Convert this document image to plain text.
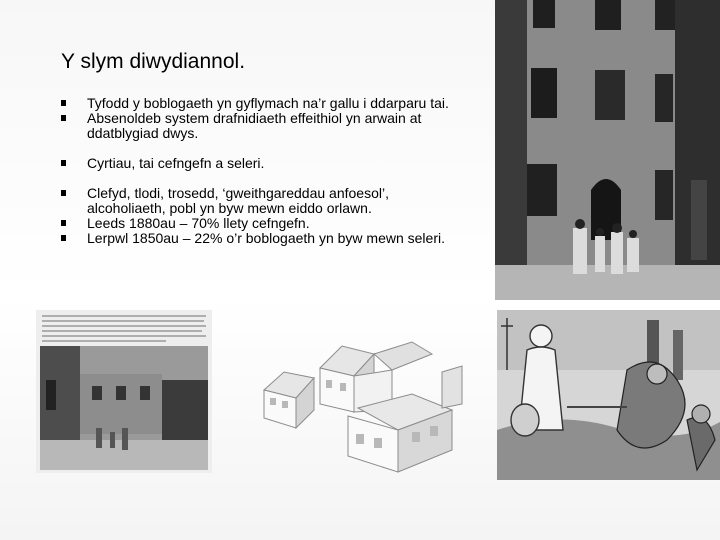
Y slym diwydiannol.
Tyfodd y boblogaeth yn gyflymach na’r gallu i ddarparu tai.
Absenoldeb system drafnidiaeth effeithiol yn arwain at ddatblygiad dwys.
Cyrtiau, tai cefngefn a seleri.
Clefyd, tlodi, trosedd, ‘gweithgareddau anfoesol’, alcoholiaeth, pobl yn byw mewn eiddo orlawn.
Leeds 1880au – 70% llety cefngefn.
Lerpwl 1850au – 22% o’r boblogaeth yn byw mewn seleri.
